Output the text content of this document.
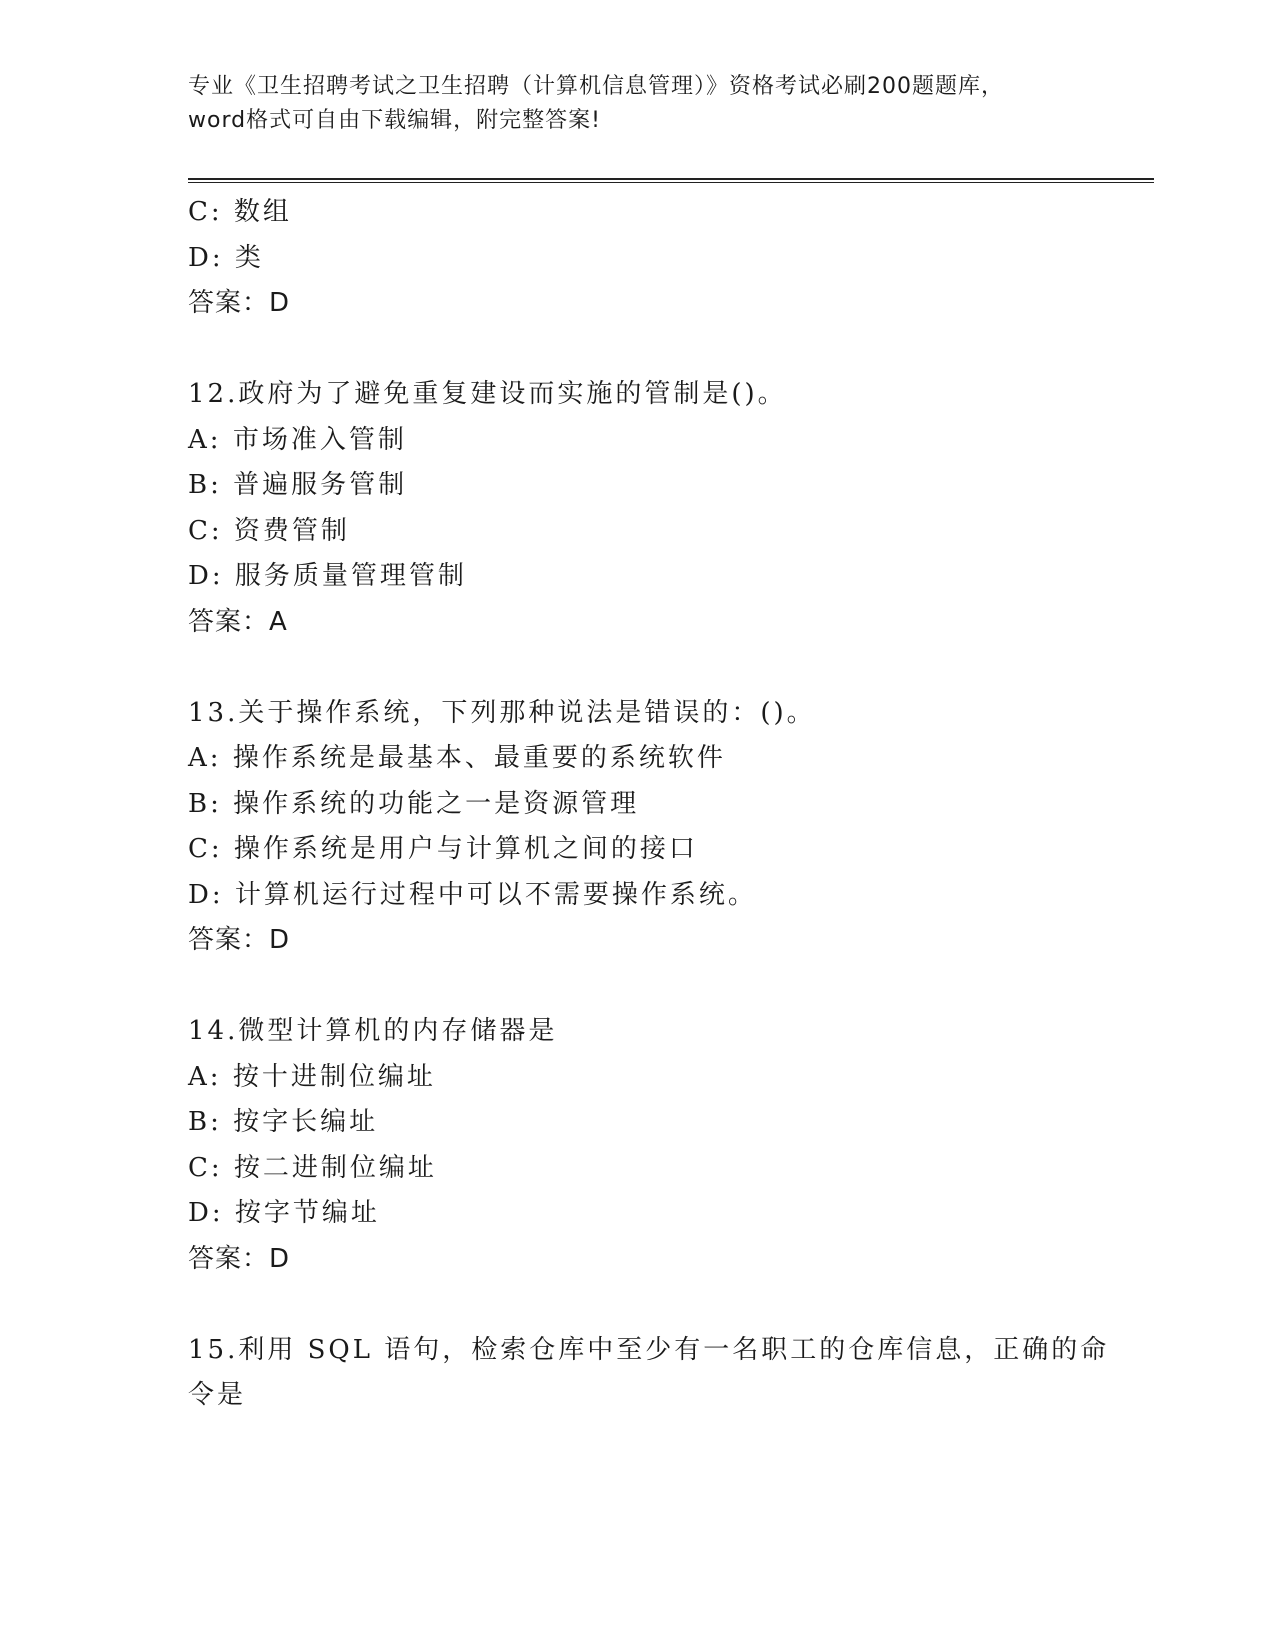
专业《卫生招聘考试之卫生招聘（计算机信息管理）》资格考试必刷200题题库，
word格式可自由下载编辑，附完整答案!
C: 数组
D: 类
答案：D
12.政府为了避免重复建设而实施的管制是()。
A: 市场准入管制
B: 普遍服务管制
C: 资费管制
D: 服务质量管理管制
答案：A
13.关于操作系统，下列那种说法是错误的：()。
A: 操作系统是最基本、最重要的系统软件
B: 操作系统的功能之一是资源管理
C: 操作系统是用户与计算机之间的接口
D: 计算机运行过程中可以不需要操作系统。
答案：D
14.微型计算机的内存储器是
A: 按十进制位编址
B: 按字长编址
C: 按二进制位编址
D: 按字节编址
答案：D
15.利用 SQL 语句，检索仓库中至少有一名职工的仓库信息，正确的命
令是
